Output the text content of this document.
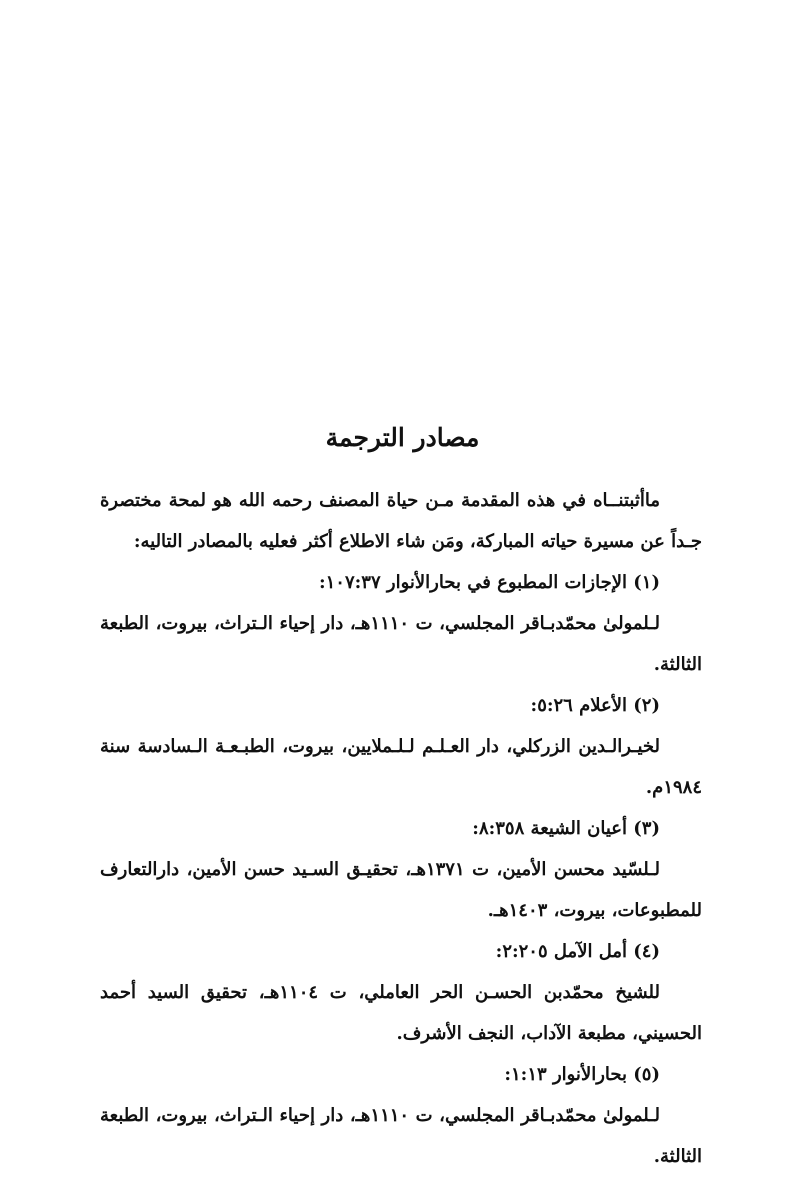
مصادر الترجمة

ماأثبتنــاه في هذه المقدمة مـن حياة المصنف رحمه الله هو لمحة مختصرة جـداً عن مسيرة حياته المباركة، ومَن شاء الاطلاع أكثر فعليه بالمصادر التاليه:

(١) الإجازات المطبوع في بحارالأنوار ١٠٧:٣٧:

لـلمولىٰ محمّدبـاقر المجلسي، ت ١١١٠هـ، دار إحياء الـتراث، بيروت، الطبعة الثالثة.

(٢) الأعلام ٥:٢٦:

لخيـرالـدين الزركلي، دار العـلـم لـلـملايين، بيروت، الطبـعـة الـسادسة سنة ١٩٨٤م.

(٣) أعيان الشيعة ٨:٣٥٨:

لـلسّيد محسن الأمين، ت ١٣٧١هـ، تحقيـق السـيد حسن الأمين، دارالتعارف للمطبوعات، بيروت، ١٤٠٣هـ.

(٤) أمل الآمل ٢:٢٠٥:

للشيخ محمّدبن الحسـن الحر العاملي، ت ١١٠٤هـ، تحقيق السيد أحمد الحسيني، مطبعة الآداب، النجف الأشرف.

(٥) بحارالأنوار ١:١٣:

لـلمولىٰ محمّدبـاقر المجلسي، ت ١١١٠هـ، دار إحياء الـتراث، بيروت، الطبعة الثالثة.
